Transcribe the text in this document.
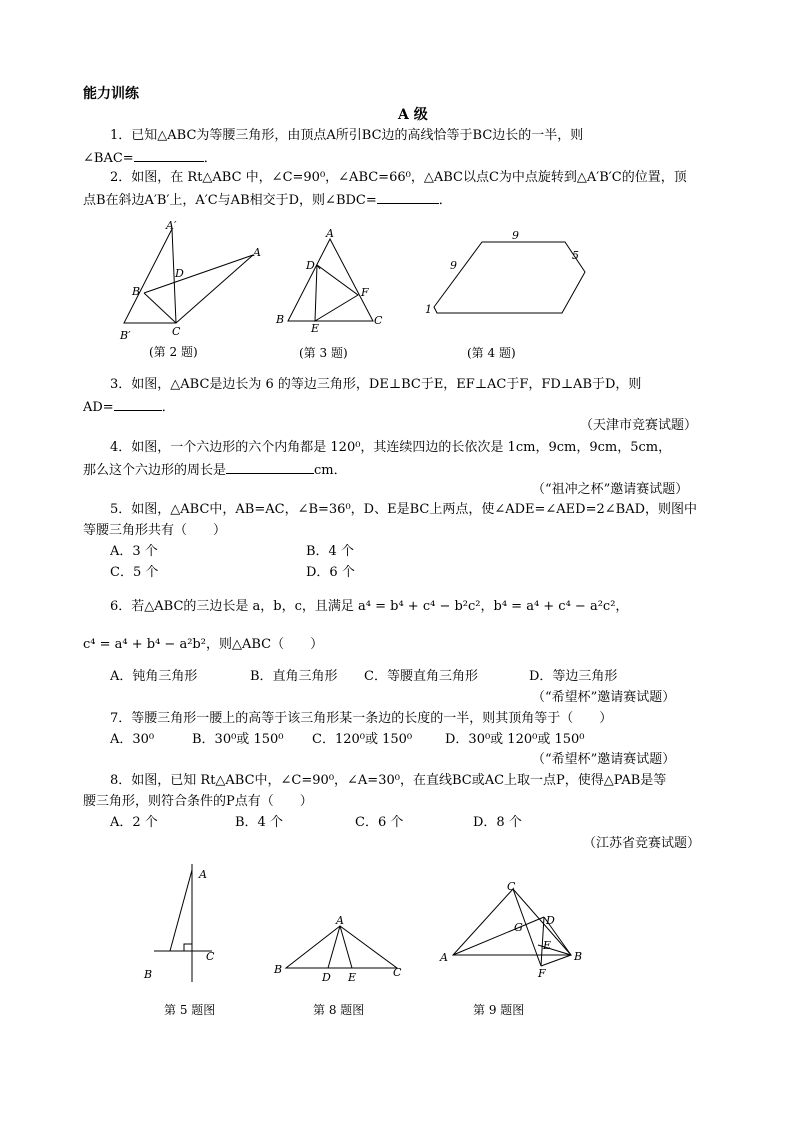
能力训练
A 级
1．已知△ABC为等腰三角形，由顶点A所引BC边的高线恰等于BC边长的一半，则
∠BAC=	．
2．如图，在 Rt△ABC 中，∠C=90⁰，∠ABC=66⁰，△ABC以点C为中点旋转到△A′B′C的位置，顶
点B在斜边A′B′上，A′C与AB相交于D，则∠BDC=	．
A′
A
D
B
B′	C
(第 2 题)
A
D
F
B
E
C
(第 3 题)
9
9
5
1
(第 4 题)
3．如图，△ABC是边长为 6 的等边三角形，DE⊥BC于E，EF⊥AC于F，FD⊥AB于D，则
AD=	．
（天津市竞赛试题）
4．如图，一个六边形的六个内角都是 120⁰，其连续四边的长依次是 1cm，9cm，9cm，5cm，
那么这个六边形的周长是	cm．
（“祖冲之杯”邀请赛试题）
5．如图，△ABC中，AB=AC，∠B=36⁰，D、E是BC上两点，使∠ADE=∠AED=2∠BAD，则图中
等腰三角形共有（　　）
A．3 个	B．4 个
C．5 个	D．6 个
6．若△ABC的三边长是 a，b，c，且满足 a⁴ = b⁴ + c⁴ − b²c²，b⁴ = a⁴ + c⁴ − a²c²，
c⁴ = a⁴ + b⁴ − a²b²，则△ABC（　　）
A．钝角三角形	B．直角三角形 C．等腰直角三角形	D．等边三角形
（“希望杯”邀请赛试题）
7．等腰三角形一腰上的高等于该三角形某一条边的长度的一半，则其顶角等于（　　）
A．30⁰	B．30⁰或 150⁰ C．120⁰或 150⁰	D．30⁰或 120⁰或 150⁰
（“希望杯”邀请赛试题）
8．如图，已知 Rt△ABC中，∠C=90⁰，∠A=30⁰，在直线BC或AC上取一点P，使得△PAB是等
腰三角形，则符合条件的P点有（　　）
A．2 个	B．4 个	C．6 个	D．8 个
（江苏省竞赛试题）
A
B
C
第 5 题图
A
B
D E	C
第 8 题图
C
D
G
E
A
F
B
第 9 题图
